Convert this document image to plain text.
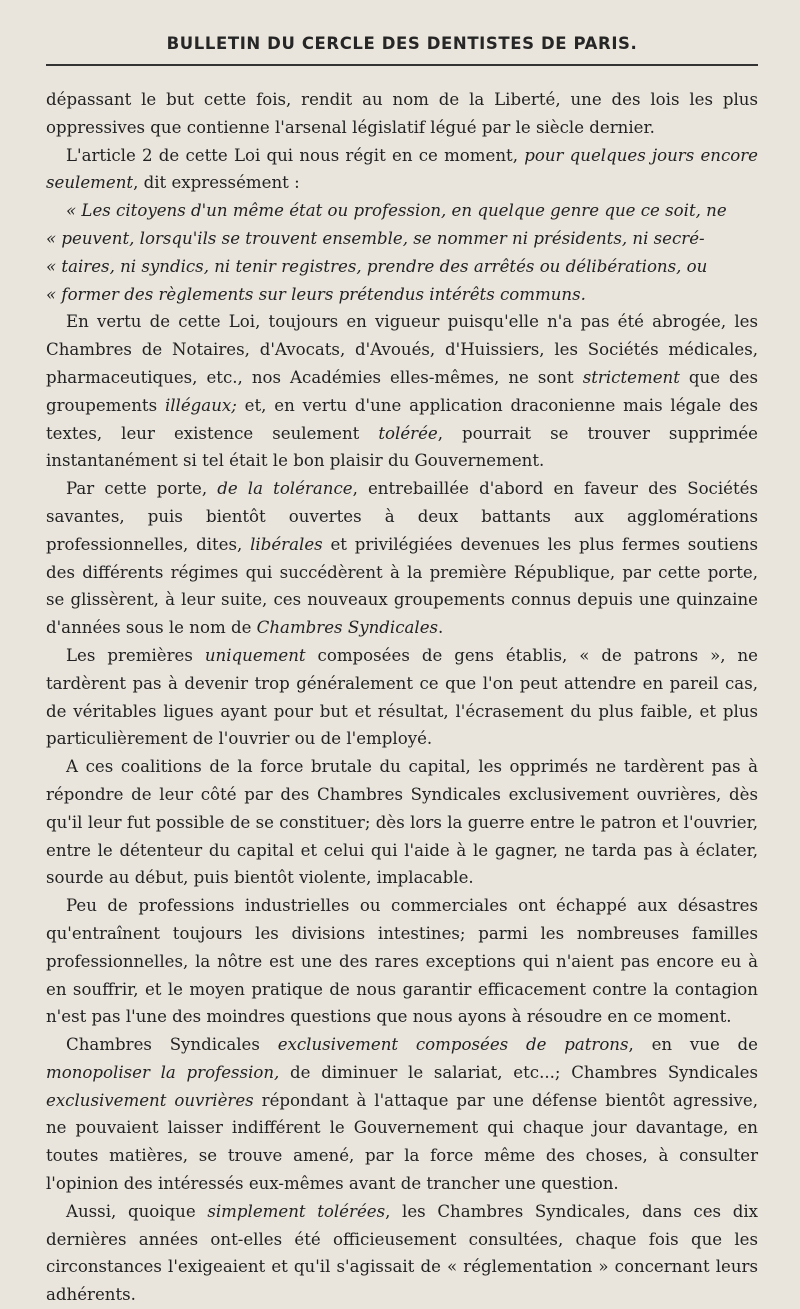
BULLETIN DU CERCLE DES DENTISTES DE PARIS.

dépassant le but cette fois, rendit au nom de la Liberté, une des lois les plus oppressives que contienne l'arsenal législatif légué par le siècle dernier.

L'article 2 de cette Loi qui nous régit en ce moment, pour quelques jours encore seulement, dit expressément :

« Les citoyens d'un même état ou profession, en quelque genre que ce soit, ne

« peuvent, lorsqu'ils se trouvent ensemble, se nommer ni présidents, ni secré-

« taires, ni syndics, ni tenir registres, prendre des arrêtés ou délibérations, ou

« former des règlements sur leurs prétendus intérêts communs.

En vertu de cette Loi, toujours en vigueur puisqu'elle n'a pas été abrogée, les Chambres de Notaires, d'Avocats, d'Avoués, d'Huissiers, les Sociétés médicales, pharmaceutiques, etc., nos Académies elles-mêmes, ne sont strictement que des groupements illégaux; et, en vertu d'une application draconienne mais légale des textes, leur existence seulement tolérée, pourrait se trouver supprimée instantanément si tel était le bon plaisir du Gouvernement.

Par cette porte, de la tolérance, entrebaillée d'abord en faveur des Sociétés savantes, puis bientôt ouvertes à deux battants aux agglomérations professionnelles, dites, libérales et privilégiées devenues les plus fermes soutiens des différents régimes qui succédèrent à la première République, par cette porte, se glissèrent, à leur suite, ces nouveaux groupements connus depuis une quinzaine d'années sous le nom de Chambres Syndicales.

Les premières uniquement composées de gens établis, « de patrons », ne tardèrent pas à devenir trop généralement ce que l'on peut attendre en pareil cas, de véritables ligues ayant pour but et résultat, l'écrasement du plus faible, et plus particulièrement de l'ouvrier ou de l'employé.

A ces coalitions de la force brutale du capital, les opprimés ne tardèrent pas à répondre de leur côté par des Chambres Syndicales exclusivement ouvrières, dès qu'il leur fut possible de se constituer; dès lors la guerre entre le patron et l'ouvrier, entre le détenteur du capital et celui qui l'aide à le gagner, ne tarda pas à éclater, sourde au début, puis bientôt violente, implacable.

Peu de professions industrielles ou commerciales ont échappé aux désastres qu'entraînent toujours les divisions intestines; parmi les nombreuses familles professionnelles, la nôtre est une des rares exceptions qui n'aient pas encore eu à en souffrir, et le moyen pratique de nous garantir efficacement contre la contagion n'est pas l'une des moindres questions que nous ayons à résoudre en ce moment.

Chambres Syndicales exclusivement composées de patrons, en vue de monopoliser la profession, de diminuer le salariat, etc...; Chambres Syndicales exclusivement ouvrières répondant à l'attaque par une défense bientôt agressive, ne pouvaient laisser indifférent le Gouvernement qui chaque jour davantage, en toutes matières, se trouve amené, par la force même des choses, à consulter l'opinion des intéressés eux-mêmes avant de trancher une question.

Aussi, quoique simplement tolérées, les Chambres Syndicales, dans ces dix dernières années ont-elles été officieusement consultées, chaque fois que les circonstances l'exigeaient et qu'il s'agissait de « réglementation » concernant leurs adhérents.
